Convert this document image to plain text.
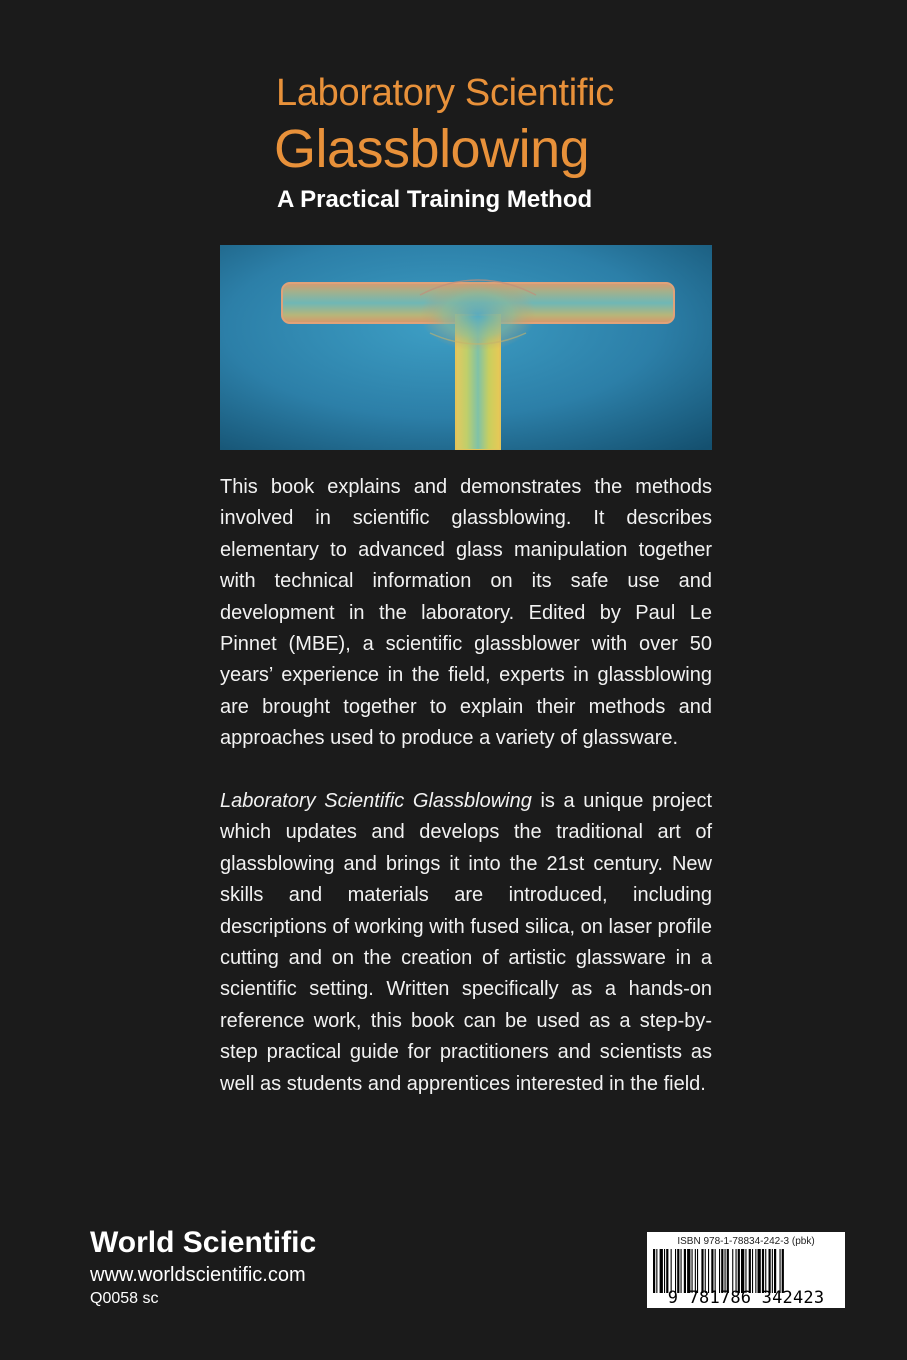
Laboratory Scientific
Glassblowing
A Practical Training Method
This book explains and demonstrates the methods involved in scientific glassblowing. It describes elementary to advanced glass manipulation together with technical information on its safe use and development in the laboratory. Edited by Paul Le Pinnet (MBE), a scientific glassblower with over 50 years’ experience in the field, experts in glassblowing are brought together to explain their methods and approaches used to produce a variety of glassware.
Laboratory Scientific Glassblowing is a unique project which updates and develops the traditional art of glassblowing and brings it into the 21st century. New skills and materials are introduced, including descriptions of working with fused silica, on laser profile cutting and on the creation of artistic glassware in a scientific setting. Written specifically as a hands-on reference work, this book can be used as a step-by-step practical guide for practitioners and scientists as well as students and apprentices interested in the field.
World Scientific
www.worldscientific.com
Q0058 sc
ISBN 978-1-78834-242-3 (pbk)
9 781786 342423
